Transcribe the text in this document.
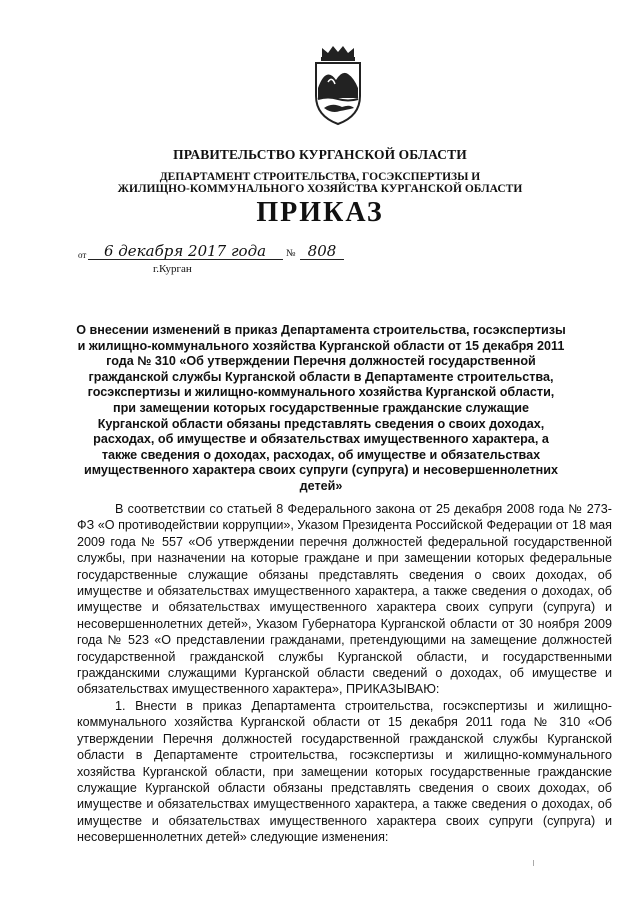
ПРАВИТЕЛЬСТВО КУРГАНСКОЙ ОБЛАСТИ
ДЕПАРТАМЕНТ СТРОИТЕЛЬСТВА, ГОСЭКСПЕРТИЗЫ И
ЖИЛИЩНО-КОММУНАЛЬНОГО ХОЗЯЙСТВА КУРГАНСКОЙ ОБЛАСТИ
ПРИКАЗ
от	6 декабря 2017 года	№ 808
г.Курган
О внесении изменений в приказ Департамента строительства, госэкспертизы и жилищно-коммунального хозяйства Курганской области от 15 декабря 2011 года № 310 «Об утверждении Перечня должностей государственной гражданской службы Курганской области в Департаменте строительства, госэкспертизы и жилищно-коммунального хозяйства Курганской области, при замещении которых государственные гражданские служащие Курганской области обязаны представлять сведения о своих доходах, расходах, об имуществе и обязательствах имущественного характера, а также сведения о доходах, расходах, об имуществе и обязательствах имущественного характера своих супруги (супруга) и несовершеннолетних детей»

В соответствии со статьей 8 Федерального закона от 25 декабря 2008 года № 273-ФЗ «О противодействии коррупции», Указом Президента Российской Федерации от 18 мая 2009 года № 557 «Об утверждении перечня должностей федеральной государственной службы, при назначении на которые граждане и при замещении которых федеральные государственные служащие обязаны представлять сведения о своих доходах, об имуществе и обязательствах имущественного характера, а также сведения о доходах, об имуществе и обязательствах имущественного характера своих супруги (супруга) и несовершеннолетних детей», Указом Губернатора Курганской области от 30 ноября 2009 года № 523 «О представлении гражданами, претендующими на замещение должностей государственной гражданской службы Курганской области, и государственными гражданскими служащими Курганской области сведений о доходах, об имуществе и обязательствах имущественного характера», ПРИКАЗЫВАЮ:

1. Внести в приказ Департамента строительства, госэкспертизы и жилищно-коммунального хозяйства Курганской области от 15 декабря 2011 года № 310 «Об утверждении Перечня должностей государственной гражданской службы Курганской области в Департаменте строительства, госэкспертизы и жилищно-коммунального хозяйства Курганской области, при замещении которых государственные гражданские служащие Курганской области обязаны представлять сведения о своих доходах, об имуществе и обязательствах имущественного характера, а также сведения о доходах, об имуществе и обязательствах имущественного характера своих супруги (супруга) и несовершеннолетних детей» следующие изменения:
